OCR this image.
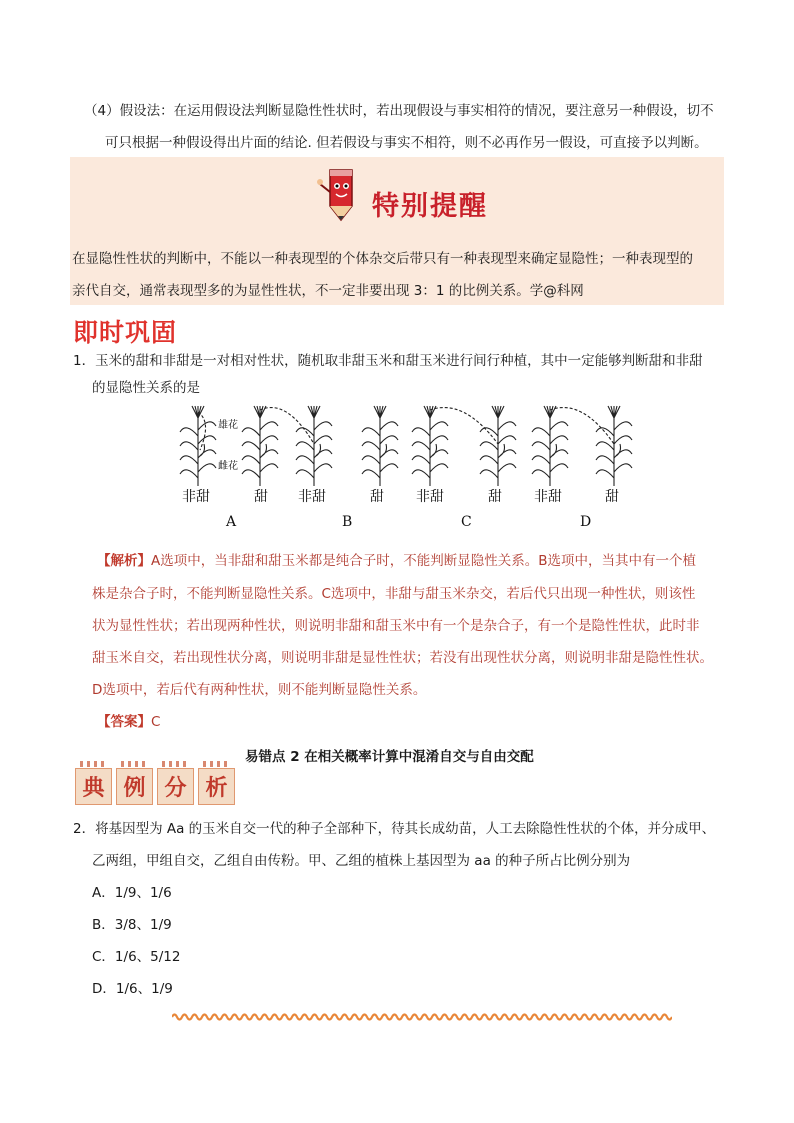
（4）假设法：在运用假设法判断显隐性性状时，若出现假设与事实相符的情况，要注意另一种假设，切不
可只根据一种假设得出片面的结论. 但若假设与事实不相符，则不必再作另一假设，可直接予以判断。
特别提醒
在显隐性性状的判断中，不能以一种表现型的个体杂交后带只有一种表现型来确定显隐性；一种表现型的
亲代自交，通常表现型多的为显性性状，不一定非要出现 3：1 的比例关系。学@科网
即时巩固
1．玉米的甜和非甜是一对相对性状，随机取非甜玉米和甜玉米进行间行种植，其中一定能够判断甜和非甜
的显隐性关系的是
雄花
雌花
非甜	甜 非甜	甜 非甜	甜 非甜	甜
A	B	C	D
【解析】A选项中，当非甜和甜玉米都是纯合子时，不能判断显隐性关系。B选项中，当其中有一个植
株是杂合子时，不能判断显隐性关系。C选项中，非甜与甜玉米杂交，若后代只出现一种性状，则该性
状为显性性状；若出现两种性状，则说明非甜和甜玉米中有一个是杂合子，有一个是隐性性状，此时非
甜玉米自交，若出现性状分离，则说明非甜是显性性状；若没有出现性状分离，则说明非甜是隐性性状。
D选项中，若后代有两种性状，则不能判断显隐性关系。
【答案】C
易错点 2 在相关概率计算中混淆自交与自由交配
典 例 分 析
2．将基因型为 Aa 的玉米自交一代的种子全部种下，待其长成幼苗，人工去除隐性性状的个体，并分成甲、
乙两组，甲组自交，乙组自由传粉。甲、乙组的植株上基因型为 aa 的种子所占比例分别为
A．1/9、1/6
B．3/8、1/9
C．1/6、5/12
D．1/6、1/9
